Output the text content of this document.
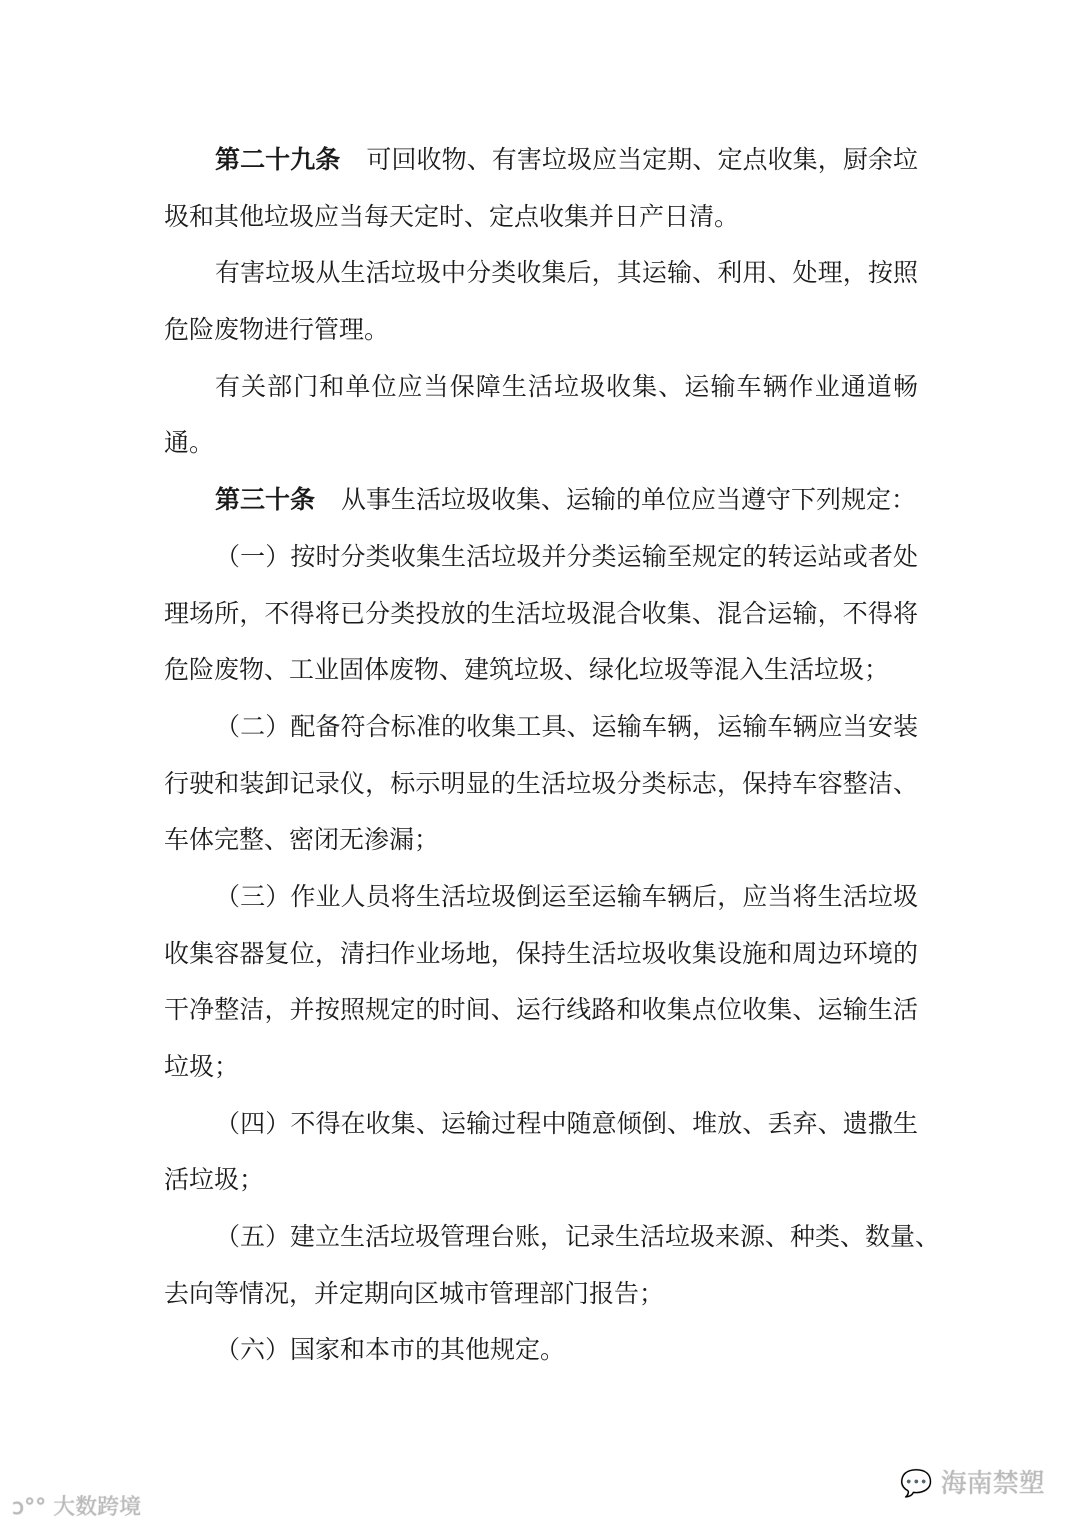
第二十九条 可回收物、有害垃圾应当定期、定点收集，厨余垃
圾和其他垃圾应当每天定时、定点收集并日产日清。
有害垃圾从生活垃圾中分类收集后，其运输、利用、处理，按照
危险废物进行管理。
有关部门和单位应当保障生活垃圾收集、运输车辆作业通道畅
通。
第三十条 从事生活垃圾收集、运输的单位应当遵守下列规定：
（一）按时分类收集生活垃圾并分类运输至规定的转运站或者处
理场所，不得将已分类投放的生活垃圾混合收集、混合运输，不得将
危险废物、工业固体废物、建筑垃圾、绿化垃圾等混入生活垃圾；
（二）配备符合标准的收集工具、运输车辆，运输车辆应当安装
行驶和装卸记录仪，标示明显的生活垃圾分类标志，保持车容整洁、
车体完整、密闭无渗漏；
（三）作业人员将生活垃圾倒运至运输车辆后，应当将生活垃圾
收集容器复位，清扫作业场地，保持生活垃圾收集设施和周边环境的
干净整洁，并按照规定的时间、运行线路和收集点位收集、运输生活
垃圾；
（四）不得在收集、运输过程中随意倾倒、堆放、丢弃、遗撒生
活垃圾；
（五）建立生活垃圾管理台账，记录生活垃圾来源、种类、数量、
去向等情况，并定期向区城市管理部门报告；
（六）国家和本市的其他规定。
ↄ°° 大数跨境
💬 海南禁塑
